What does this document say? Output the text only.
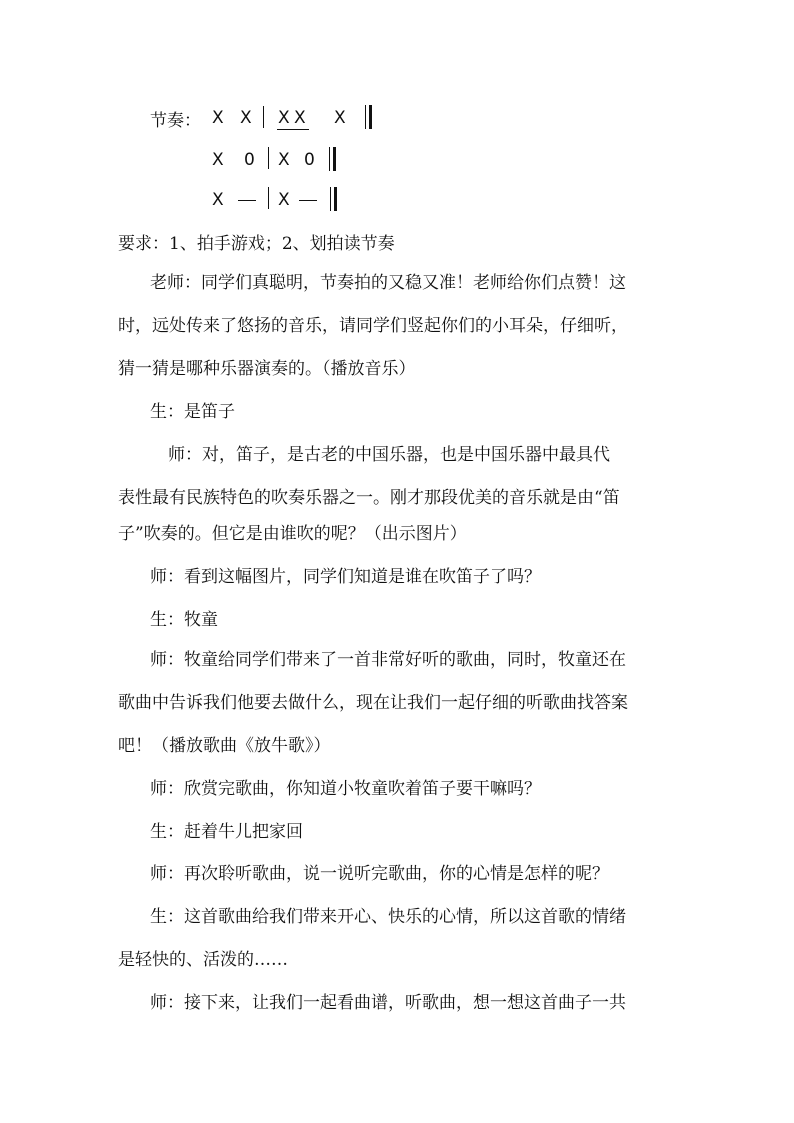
节奏： X X X X X
X 0 X 0
X	X
要求：1、拍手游戏；2、划拍读节奏
老师：同学们真聪明，节奏拍的又稳又准！老师给你们点赞！这
时，远处传来了悠扬的音乐，请同学们竖起你们的小耳朵，仔细听，
猜一猜是哪种乐器演奏的。（播放音乐）
生：是笛子
师：对，笛子，是古老的中国乐器，也是中国乐器中最具代
表性最有民族特色的吹奏乐器之一。刚才那段优美的音乐就是由“笛
子”吹奏的。但它是由谁吹的呢？（出示图片）
师：看到这幅图片，同学们知道是谁在吹笛子了吗？
生：牧童
师：牧童给同学们带来了一首非常好听的歌曲，同时，牧童还在
歌曲中告诉我们他要去做什么，现在让我们一起仔细的听歌曲找答案
吧！（播放歌曲《放牛歌》）
师：欣赏完歌曲，你知道小牧童吹着笛子要干嘛吗？
生：赶着牛儿把家回
师：再次聆听歌曲，说一说听完歌曲，你的心情是怎样的呢？
生：这首歌曲给我们带来开心、快乐的心情，所以这首歌的情绪
是轻快的、活泼的……
师：接下来，让我们一起看曲谱，听歌曲，想一想这首曲子一共
